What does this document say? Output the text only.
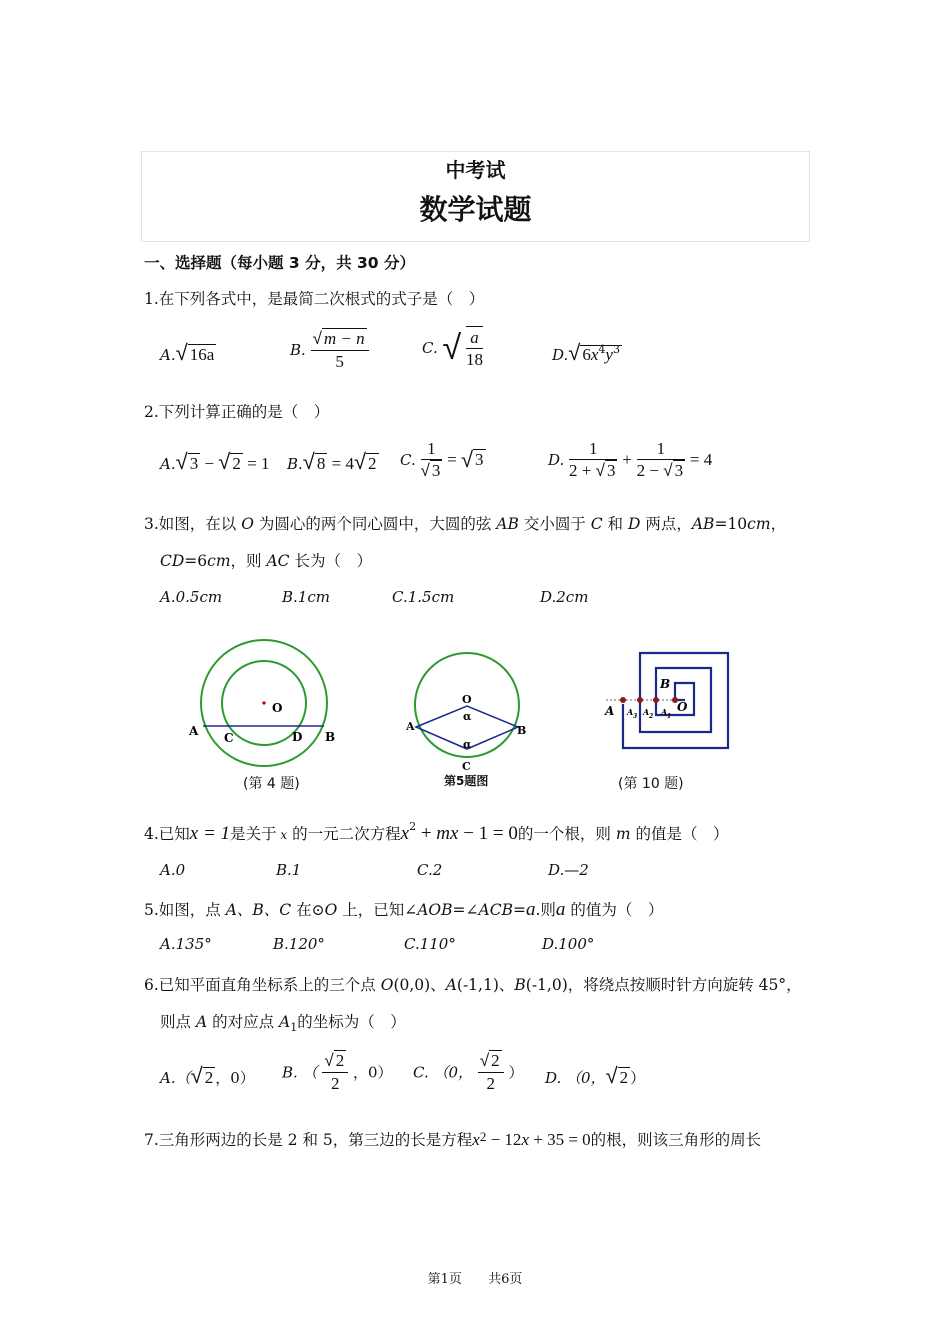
中考试
数学试题
一、选择题（每小题 3 分，共 30 分）
1.在下列各式中，是最简二次根式的式子是（　）
A.√ 16a	B. $\frac{√ m - n}{5}$	C. √ $\frac{a}{18}$	D.√ $6x^4y^3$
2.下列计算正确的是（　）
A.√ 3 − √ 2 = 1 B.√ 8 = 4√ 2 C. $\frac{1}{√ 3}$ = √ 3	D. $\frac{1}{2 + √ 3} + \frac{1}{2 - √ 3} = 4$
3.如图，在以 O 为圆心的两个同心圆中，大圆的弦 AB 交小圆于 C 和 D 两点，AB=10cm，
CD=6cm，则 AC 长为（　）
A.0.5cm	B.1cm	C.1.5cm	D.2cm
O
A C	D B
(第 4 题)
O
α
A	B
α
C
第5题图
B
A A 3 A 2 A 1
O
(第 10 题)
4.已知x = 1是关于 x 的一元二次方程$x^2$ + mx − 1 = 0的一个根，则 m 的值是（　）
A.0	B.1	C.2	D.—2
5.如图，点 A、B、C 在⊙O 上，已知∠AOB=∠ACB=a.则a 的值为（　）
A.135°	B.120°	C.110°	D.100°
6.已知平面直角坐标系上的三个点 O(0,0)、A(-1,1)、B(-1,0)，将绕点按顺时针方向旋转 45°，
则点 A 的对应点 $A_1$的坐标为（　）
A.（√ 2 ，0） B. （ $\frac{√ 2}{2}$ ，0） C. （0， $\frac{√ 2}{2}$ ） D. （0，√ 2 ）
7.三角形两边的长是 2 和 5，第三边的长是方程$x^2 - 12x + 35 = 0$的根，则该三角形的周长
第1页 共6页
